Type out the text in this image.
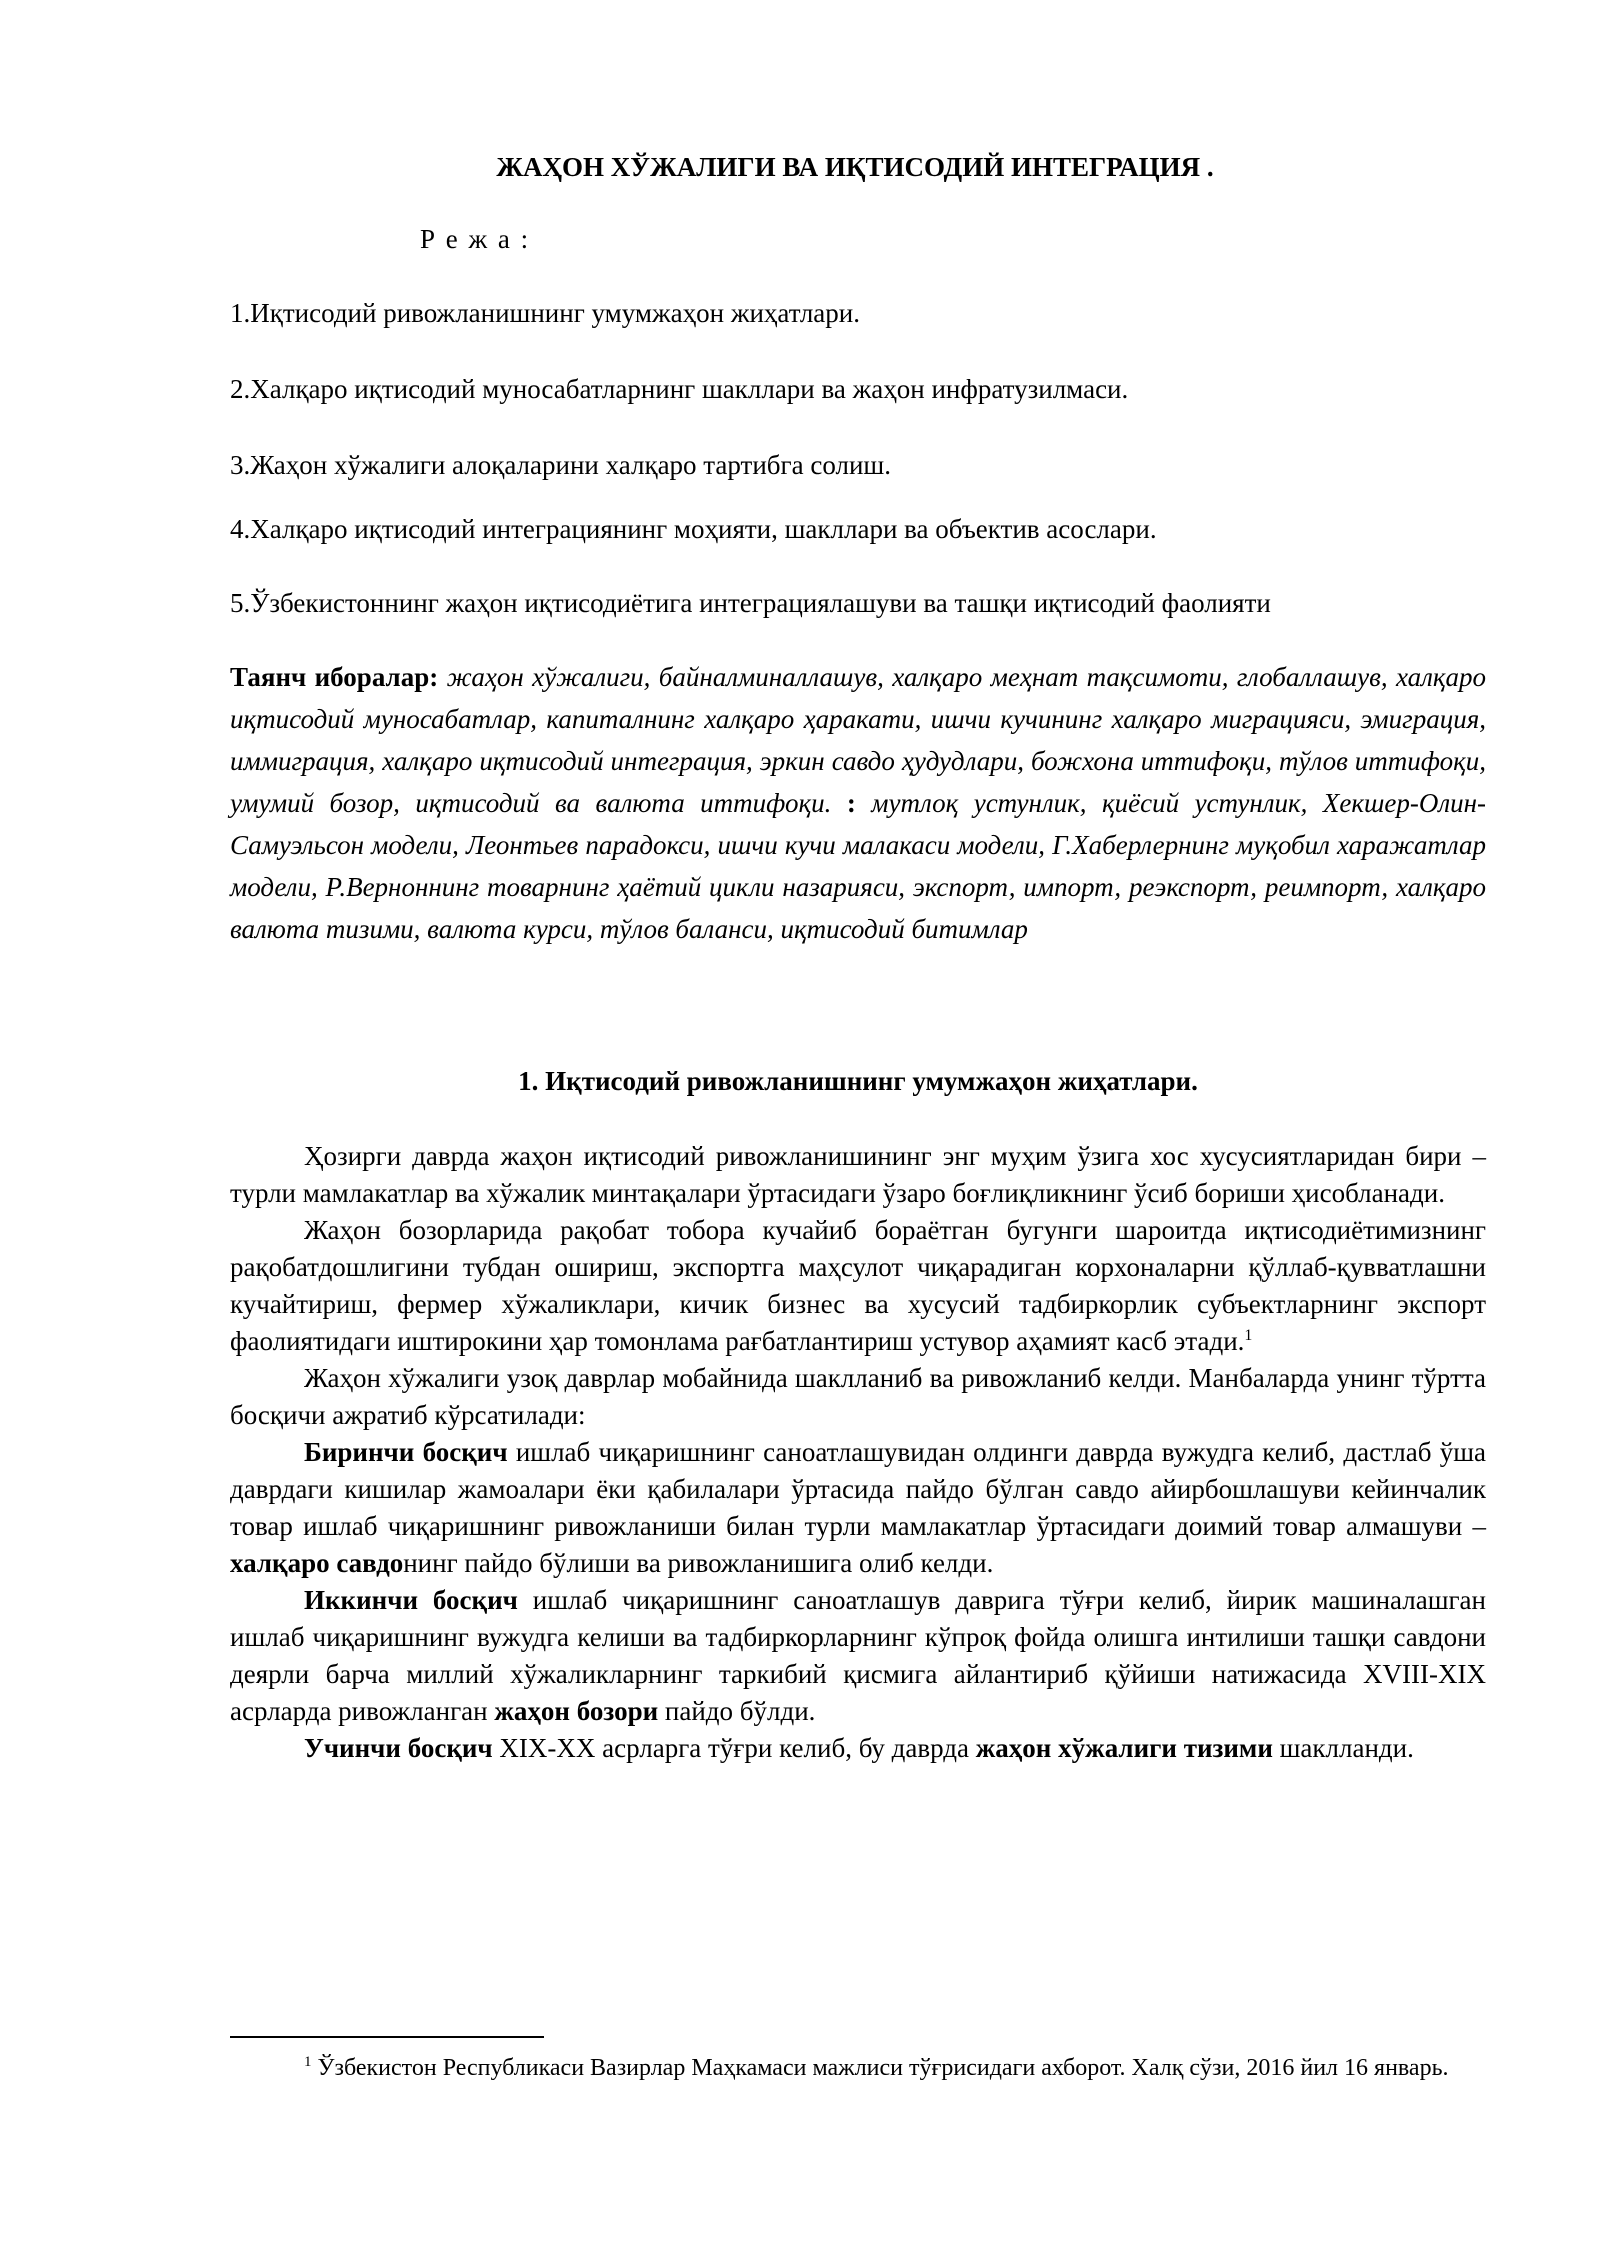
ЖАҲОН ХЎЖАЛИГИ ВА ИҚТИСОДИЙ ИНТЕГРАЦИЯ .
Р е ж а :
1.Иқтисодий ривожланишнинг умумжаҳон жиҳатлари.
2.Халқаро иқтисодий муносабатларнинг шакллари ва жаҳон инфратузилмаси.
3.Жаҳон хўжалиги алоқаларини халқаро тартибга солиш.
4.Халқаро иқтисодий интеграциянинг моҳияти, шакллари ва объектив асослари.
5.Ўзбекистоннинг жаҳон иқтисодиётига интеграциялашуви ва ташқи иқтисодий фаолияти
Таянч иборалар: жаҳон хўжалиги, байналминаллашув, халқаро меҳнат тақсимоти, глобаллашув, халқаро иқтисодий муносабатлар, капиталнинг халқаро ҳаракати, ишчи кучининг халқаро миграцияси, эмиграция, иммиграция, халқаро иқтисодий интеграция, эркин савдо ҳудудлари, божхона иттифоқи, тўлов иттифоқи, умумий бозор, иқтисодий ва валюта иттифоқи. : мутлоқ устунлик, қиёсий устунлик, Хекшер-Олин-Самуэльсон модели, Леонтьев парадокси, ишчи кучи малакаси модели, Г.Хаберлернинг муқобил харажатлар модели, Р.Верноннинг товарнинг ҳаётий цикли назарияси, экспорт, импорт, реэкспорт, реимпорт, халқаро валюта тизими, валюта курси, тўлов баланси, иқтисодий битимлар
1. Иқтисодий ривожланишнинг умумжаҳон жиҳатлари.

Ҳозирги даврда жаҳон иқтисодий ривожланишининг энг муҳим ўзига хос хусусиятларидан бири – турли мамлакатлар ва хўжалик минтақалари ўртасидаги ўзаро боғлиқликнинг ўсиб бориши ҳисобланади.

Жаҳон бозорларида рақобат тобора кучайиб бораётган бугунги шароитда иқтисодиётимизнинг рақобатдошлигини тубдан ошириш, экспортга маҳсулот чиқарадиган корхоналарни қўллаб-қувватлашни кучайтириш, фермер хўжаликлари, кичик бизнес ва хусусий тадбиркорлик субъектларнинг экспорт фаолиятидаги иштирокини ҳар томонлама рағбатлантириш устувор аҳамият касб этади.$^1$

Жаҳон хўжалиги узоқ даврлар мобайнида шаклланиб ва ривожланиб келди. Манбаларда унинг тўртта босқичи ажратиб кўрсатилади:

Биринчи босқич ишлаб чиқаришнинг саноатлашувидан олдинги даврда вужудга келиб, дастлаб ўша даврдаги кишилар жамоалари ёки қабилалари ўртасида пайдо бўлган савдо айирбошлашуви кейинчалик товар ишлаб чиқаришнинг ривожланиши билан турли мамлакатлар ўртасидаги доимий товар алмашуви – халқаро савдонинг пайдо бўлиши ва ривожланишига олиб келди.

Иккинчи босқич ишлаб чиқаришнинг саноатлашув даврига тўғри келиб, йирик машиналашган ишлаб чиқаришнинг вужудга келиши ва тадбиркорларнинг кўпроқ фойда олишга интилиши ташқи савдони деярли барча миллий хўжаликларнинг таркибий қисмига айлантириб қўйиши натижасида XVIII-XIX асрларда ривожланган жаҳон бозори пайдо бўлди.

Учинчи босқич XIX-XX асрларга тўғри келиб, бу даврда жаҳон хўжалиги тизими шаклланди.

$^1$ Ўзбекистон Республикаси Вазирлар Маҳкамаси мажлиси тўғрисидаги ахборот. Халқ сўзи, 2016 йил 16 январь.
